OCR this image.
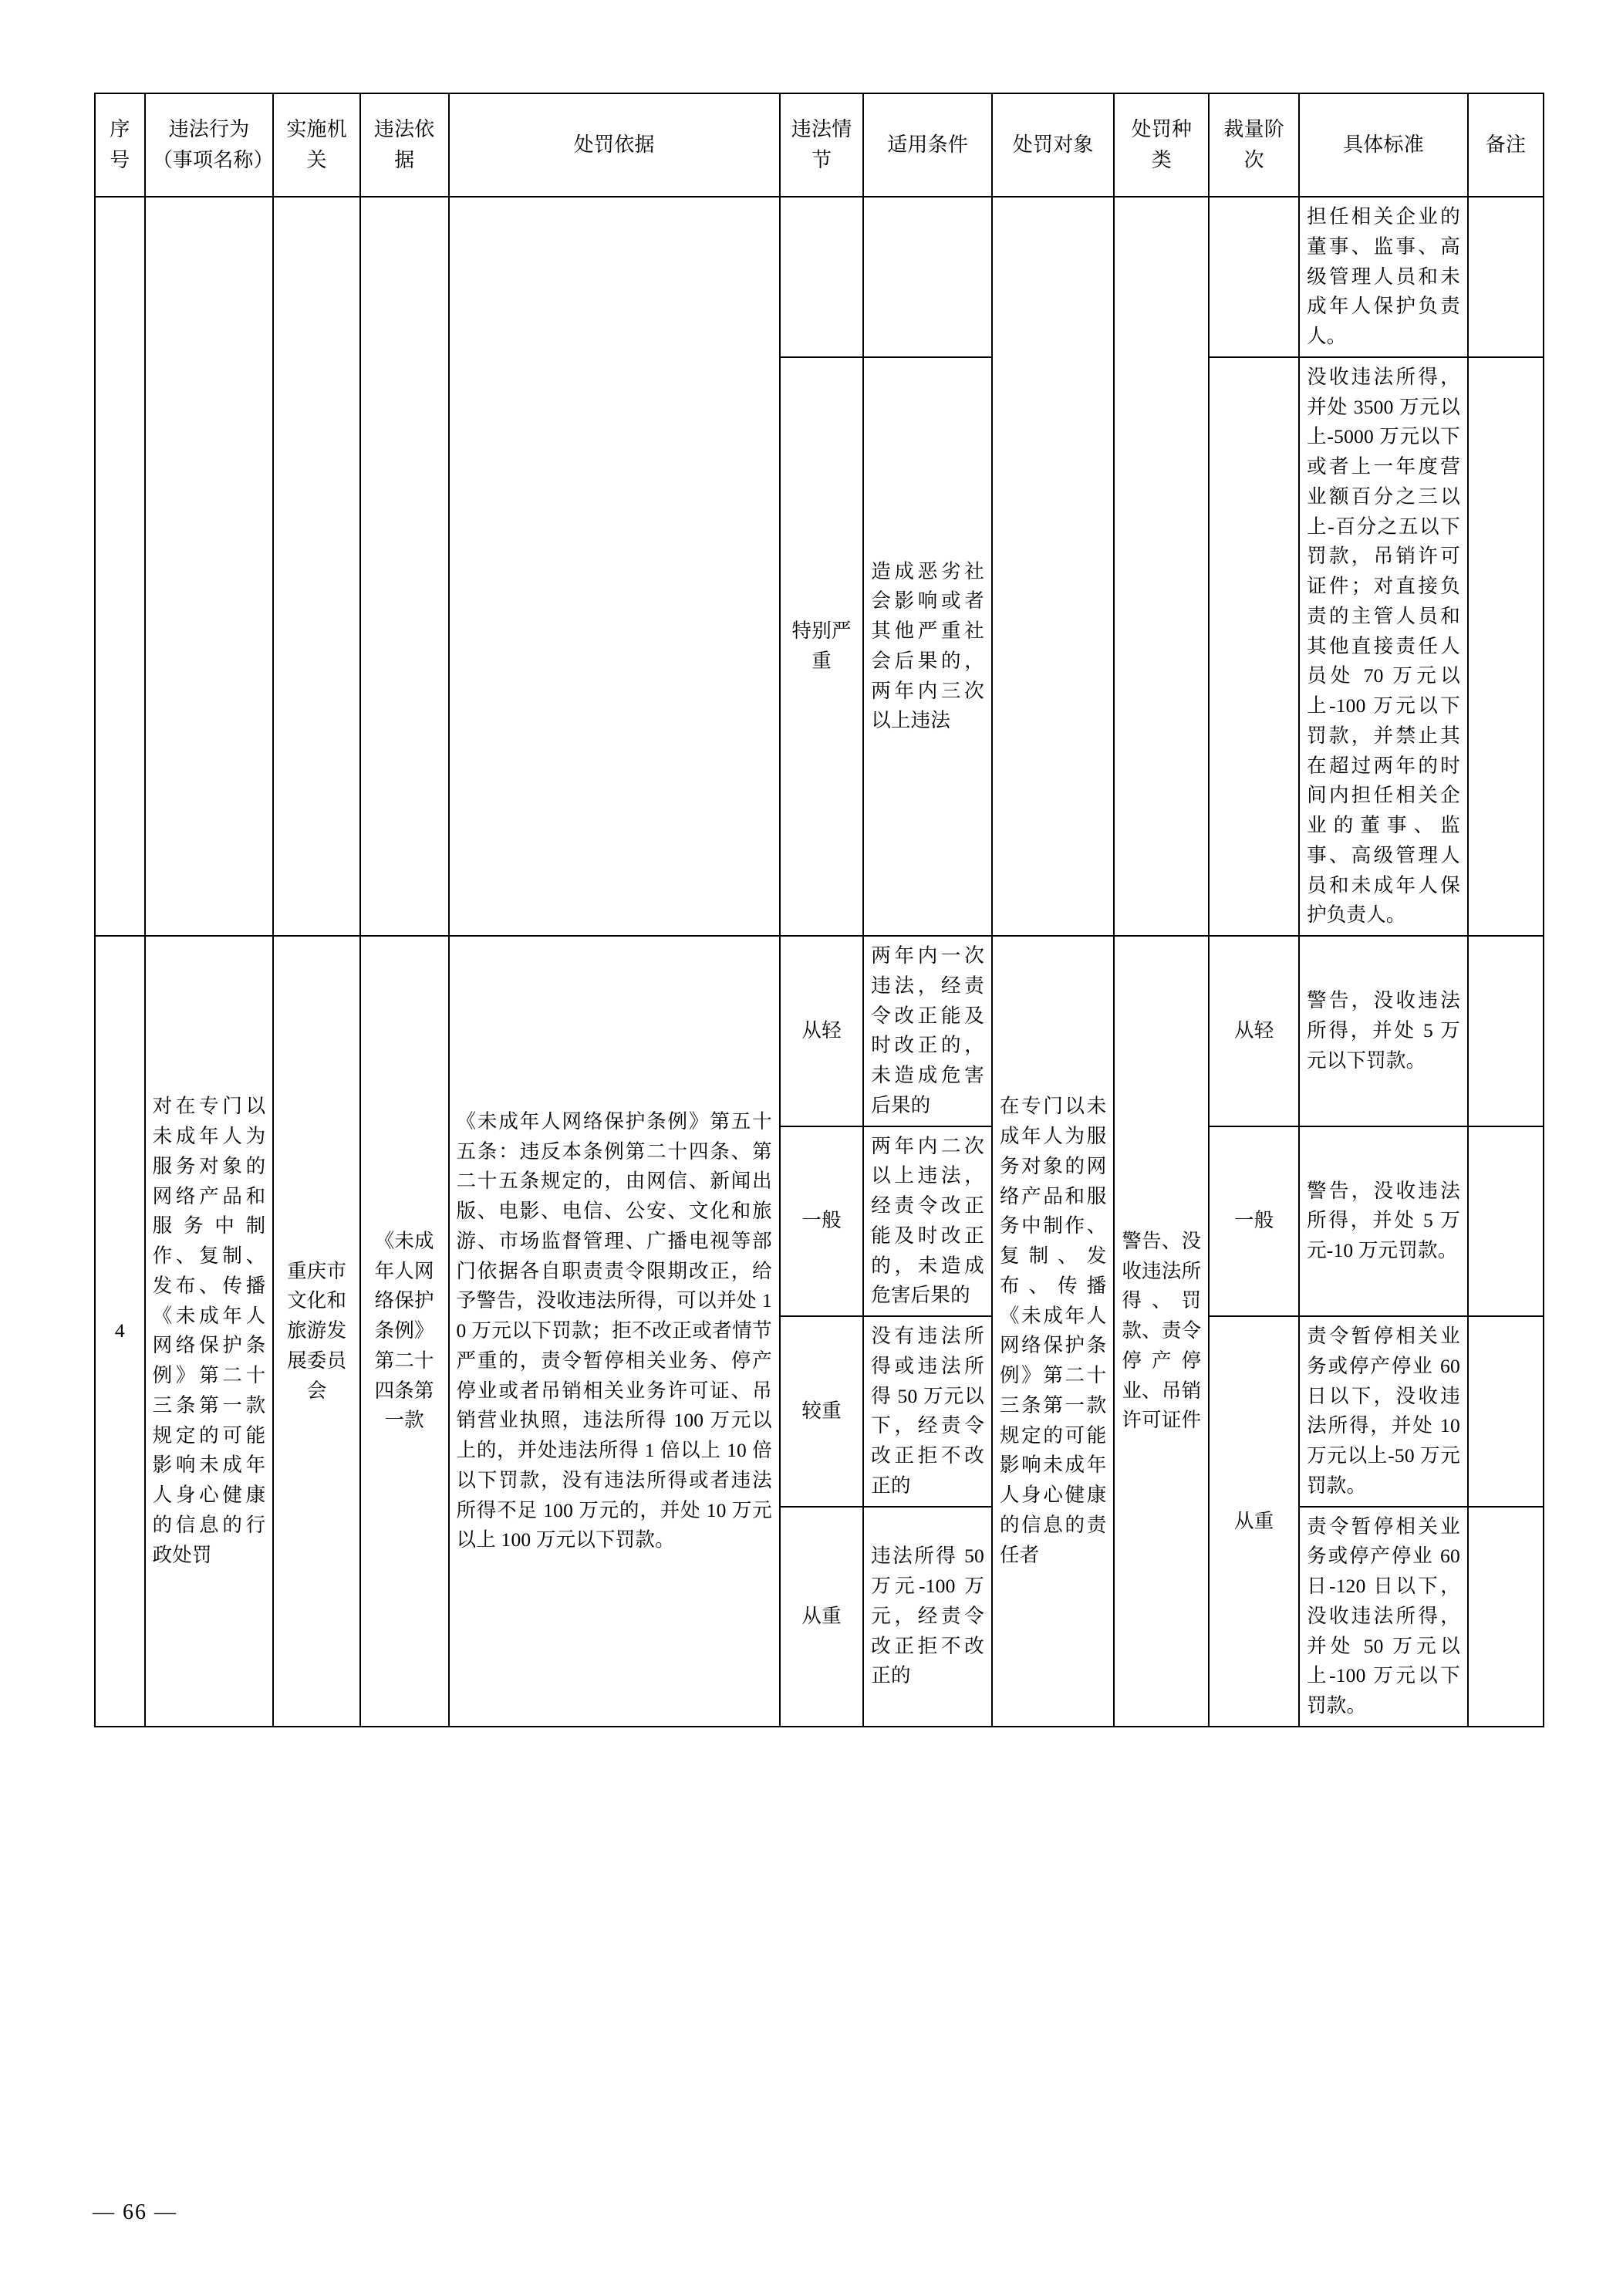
序号	违法行为（事项名称）	实施机关	违法依据	处罚依据	违法情节	适用条件	处罚对象	处罚种类	裁量阶次	具体标准	备注
										担任相关企业的董事、监事、高级管理人员和未成年人保护负责人。	
					特别严重	造成恶劣社会影响或者其他严重社会后果的，两年内三次以上违法				没收违法所得，并处 3500 万元以上-5000 万元以下或者上一年度营业额百分之三以上-百分之五以下罚款，吊销许可证件；对直接负责的主管人员和其他直接责任人员处 70 万元以上-100 万元以下罚款，并禁止其在超过两年的时间内担任相关企业的董事、监事、高级管理人员和未成年人保护负责人。	
4	对在专门以未成年人为服务对象的网络产品和服务中制作、复制、发布、传播《未成年人网络保护条例》第二十三条第一款规定的可能影响未成年人身心健康的信息的行政处罚	重庆市文化和旅游发展委员会	《未成年人网络保护条例》第二十四条第一款	《未成年人网络保护条例》第五十五条：违反本条例第二十四条、第二十五条规定的，由网信、新闻出版、电影、电信、公安、文化和旅游、市场监督管理、广播电视等部门依据各自职责责令限期改正，给予警告，没收违法所得，可以并处 10 万元以下罚款；拒不改正或者情节严重的，责令暂停相关业务、停产停业或者吊销相关业务许可证、吊销营业执照，违法所得 100 万元以上的，并处违法所得 1 倍以上 10 倍以下罚款，没有违法所得或者违法所得不足 100 万元的，并处 10 万元以上 100 万元以下罚款。	从轻	两年内一次违法，经责令改正能及时改正的，未造成危害后果的	在专门以未成年人为服务对象的网络产品和服务中制作、复制、发布、传播《未成年人网络保护条例》第二十三条第一款规定的可能影响未成年人身心健康的信息的责任者	警告、没收违法所得、罚款、责令停产停业、吊销许可证件	从轻	警告，没收违法所得，并处 5 万元以下罚款。	
					一般	两年内二次以上违法，经责令改正能及时改正的，未造成危害后果的			一般	警告，没收违法所得，并处 5 万元-10 万元罚款。	
					较重	没有违法所得或违法所得 50 万元以下，经责令改正拒不改正的			从重	责令暂停相关业务或停产停业 60 日以下，没收违法所得，并处 10 万元以上-50 万元罚款。	
					从重	违法所得 50 万元-100 万元，经责令改正拒不改正的				责令暂停相关业务或停产停业 60 日-120 日以下，没收违法所得，并处 50 万元以上-100 万元以下罚款。	
— 66 —
